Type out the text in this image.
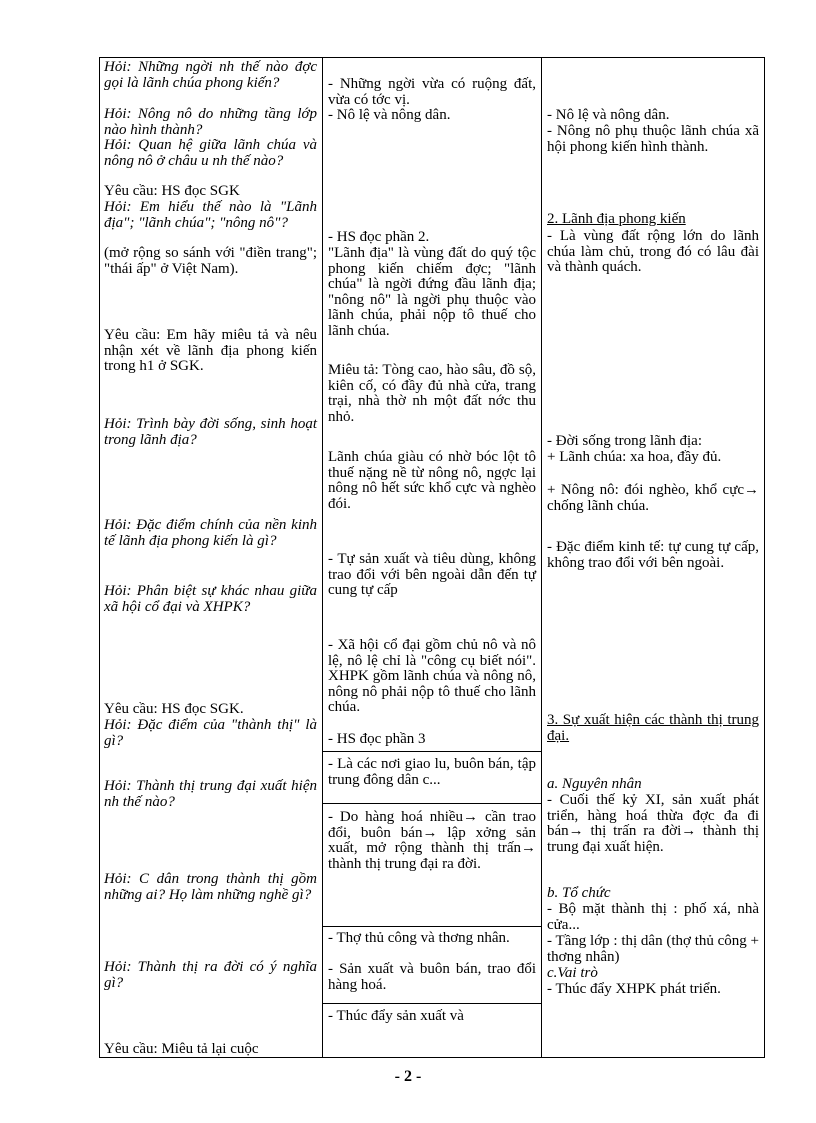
Hỏi: Những ngời nh thế nào đợc gọi là lãnh chúa phong kiến?
Hỏi: Nông nô do những tầng lớp nào hình thành?
Hỏi: Quan hệ giữa lãnh chúa và nông nô ở châu u nh thế nào?
Yêu cầu: HS đọc SGK
Hỏi: Em hiểu thế nào là "Lãnh địa"; "lãnh chúa"; "nông nô"?
(mở rộng so sánh với "điền trang"; "thái ấp" ở Việt Nam).
Yêu cầu: Em hãy miêu tả và nêu nhận xét về lãnh địa phong kiến trong h1 ở SGK.
Hỏi: Trình bày đời sống, sinh hoạt trong lãnh địa?
Hỏi: Đặc điểm chính của nền kinh tế lãnh địa phong kiến là gì?
Hỏi: Phân biệt sự khác nhau giữa xã hội cổ đại và XHPK?
Yêu cầu: HS đọc SGK.
Hỏi: Đặc điểm của "thành thị" là gì?
Hỏi: Thành thị trung đại xuất hiện nh thế nào?
Hỏi: C dân trong thành thị gồm những ai? Họ làm những nghề gì?
Hỏi: Thành thị ra đời có ý nghĩa gì?
Yêu cầu: Miêu tả lại cuộc
- Những ngời vừa có ruộng đất, vừa có tớc vị.
- Nô lệ và nông dân.
- HS đọc phần 2.
"Lãnh địa" là vùng đất do quý tộc phong kiến chiếm đợc; "lãnh chúa" là ngời đứng đầu lãnh địa; "nông nô" là ngời phụ thuộc vào lãnh chúa, phải nộp tô thuế cho lãnh chúa.
Miêu tả: Tòng cao, hào sâu, đồ sộ, kiên cố, có đầy đủ nhà cửa, trang trại, nhà thờ nh một đất nớc thu nhỏ.
Lãnh chúa giàu có nhờ bóc lột tô thuế nặng nề từ nông nô, ngợc lại nông nô hết sức khổ cực và nghèo đói.
- Tự sản xuất và tiêu dùng, không trao đổi với bên ngoài dẫn đến tự cung tự cấp
- Xã hội cổ đại gồm chủ nô và nô lệ, nô lệ chỉ là "công cụ biết nói". XHPK gồm lãnh chúa và nông nô, nông nô phải nộp tô thuế cho lãnh chúa.
- HS đọc phần 3
- Là các nơi giao lu, buôn bán, tập trung đông dân c...
- Do hàng hoá nhiều→ cần trao đổi, buôn bán→ lập xởng sản xuất, mở rộng thành thị trấn→ thành thị trung đại ra đời.
- Thợ thủ công và thơng nhân.
- Sản xuất và buôn bán, trao đổi hàng hoá.
- Thúc đẩy sản xuất và
- Nô lệ và nông dân.
- Nông nô phụ thuộc lãnh chúa xã hội phong kiến hình thành.
2. Lãnh địa phong kiến
- Là vùng đất rộng lớn do lãnh chúa làm chủ, trong đó có lâu đài và thành quách.
- Đời sống trong lãnh địa:
+ Lãnh chúa: xa hoa, đầy đủ.
+ Nông nô: đói nghèo, khổ cực→ chống lãnh chúa.
- Đặc điểm kinh tế: tự cung tự cấp, không trao đổi với bên ngoài.
3. Sự xuất hiện các thành thị trung đại.
a. Nguyên nhân
- Cuối thế kỷ XI, sản xuất phát triển, hàng hoá thừa đợc đa đi bán→ thị trấn ra đời→ thành thị trung đại xuất hiện.
b. Tổ chức
- Bộ mặt thành thị : phố xá, nhà cửa...
- Tầng lớp : thị dân (thợ thủ công + thơng nhân)
c.Vai trò
- Thúc đẩy XHPK phát triển.
- 2 -
